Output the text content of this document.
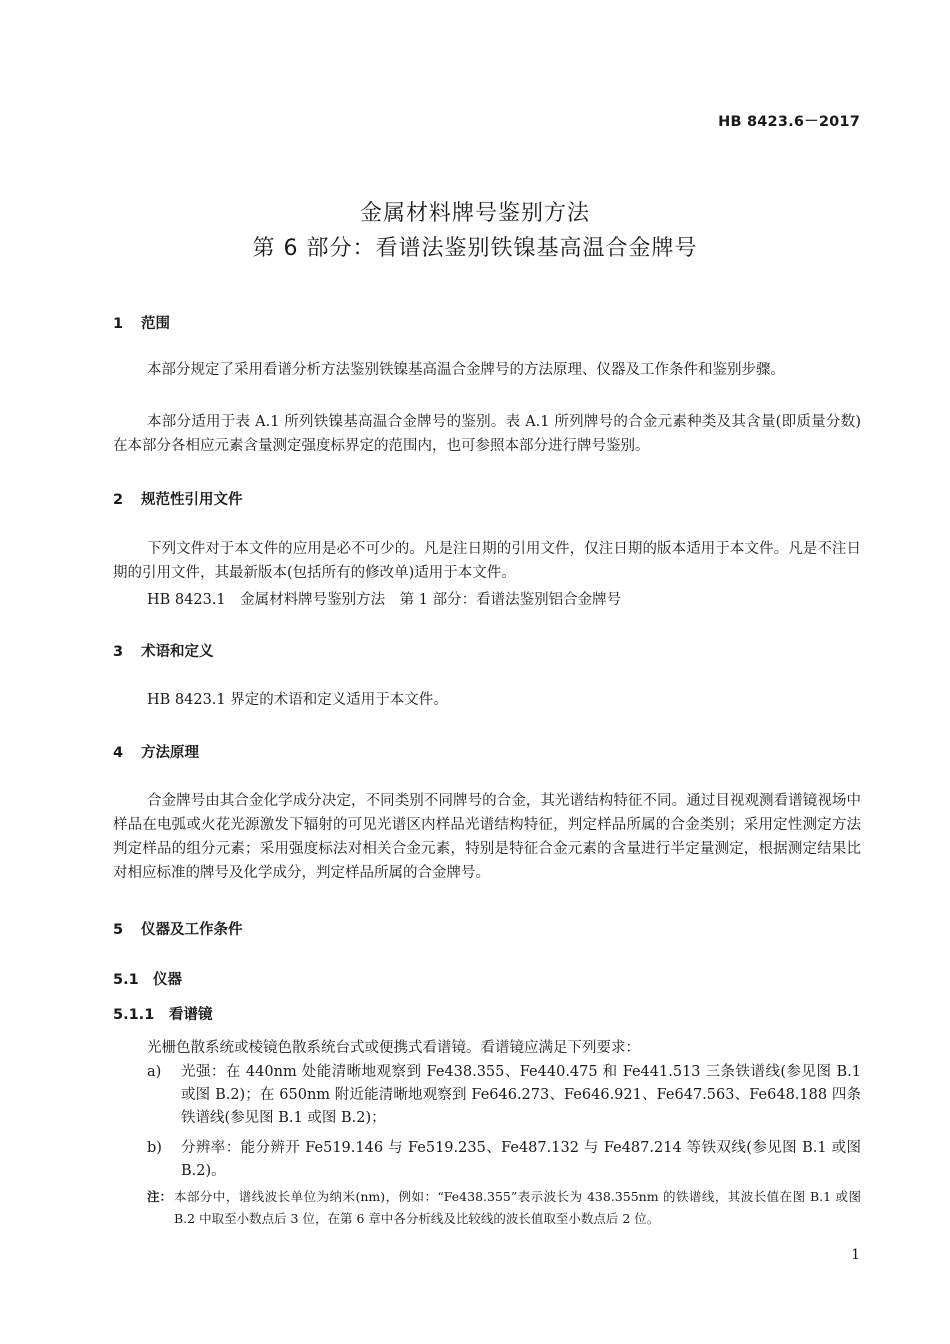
HB 8423.6－2017
金属材料牌号鉴别方法
第 6 部分：看谱法鉴别铁镍基高温合金牌号
1 范围

本部分规定了采用看谱分析方法鉴别铁镍基高温合金牌号的方法原理、仪器及工作条件和鉴别步骤。

本部分适用于表 A.1 所列铁镍基高温合金牌号的鉴别。表 A.1 所列牌号的合金元素种类及其含量(即质量分数)在本部分各相应元素含量测定强度标界定的范围内，也可参照本部分进行牌号鉴别。

2 规范性引用文件

下列文件对于本文件的应用是必不可少的。凡是注日期的引用文件，仅注日期的版本适用于本文件。凡是不注日期的引用文件，其最新版本(包括所有的修改单)适用于本文件。

HB 8423.1　金属材料牌号鉴别方法　第 1 部分：看谱法鉴别铝合金牌号

3 术语和定义

HB 8423.1 界定的术语和定义适用于本文件。

4 方法原理

合金牌号由其合金化学成分决定，不同类别不同牌号的合金，其光谱结构特征不同。通过目视观测看谱镜视场中样品在电弧或火花光源激发下辐射的可见光谱区内样品光谱结构特征，判定样品所属的合金类别；采用定性测定方法判定样品的组分元素；采用强度标法对相关合金元素，特别是特征合金元素的含量进行半定量测定，根据测定结果比对相应标准的牌号及化学成分，判定样品所属的合金牌号。

5 仪器及工作条件
5.1 仪器
5.1.1 看谱镜

光栅色散系统或棱镜色散系统台式或便携式看谱镜。看谱镜应满足下列要求：

a)	光强：在 440nm 处能清晰地观察到 Fe438.355、Fe440.475 和 Fe441.513 三条铁谱线(参见图 B.1 或图 B.2)；在 650nm 附近能清晰地观察到 Fe646.273、Fe646.921、Fe647.563、Fe648.188 四条铁谱线(参见图 B.1 或图 B.2)；
b)	分辨率：能分辨开 Fe519.146 与 Fe519.235、Fe487.132 与 Fe487.214 等铁双线(参见图 B.1 或图 B.2)。
注： 本部分中，谱线波长单位为纳米(nm)，例如：“Fe438.355”表示波长为 438.355nm 的铁谱线，其波长值在图 B.1 或图 B.2 中取至小数点后 3 位，在第 6 章中各分析线及比较线的波长值取至小数点后 2 位。
1
